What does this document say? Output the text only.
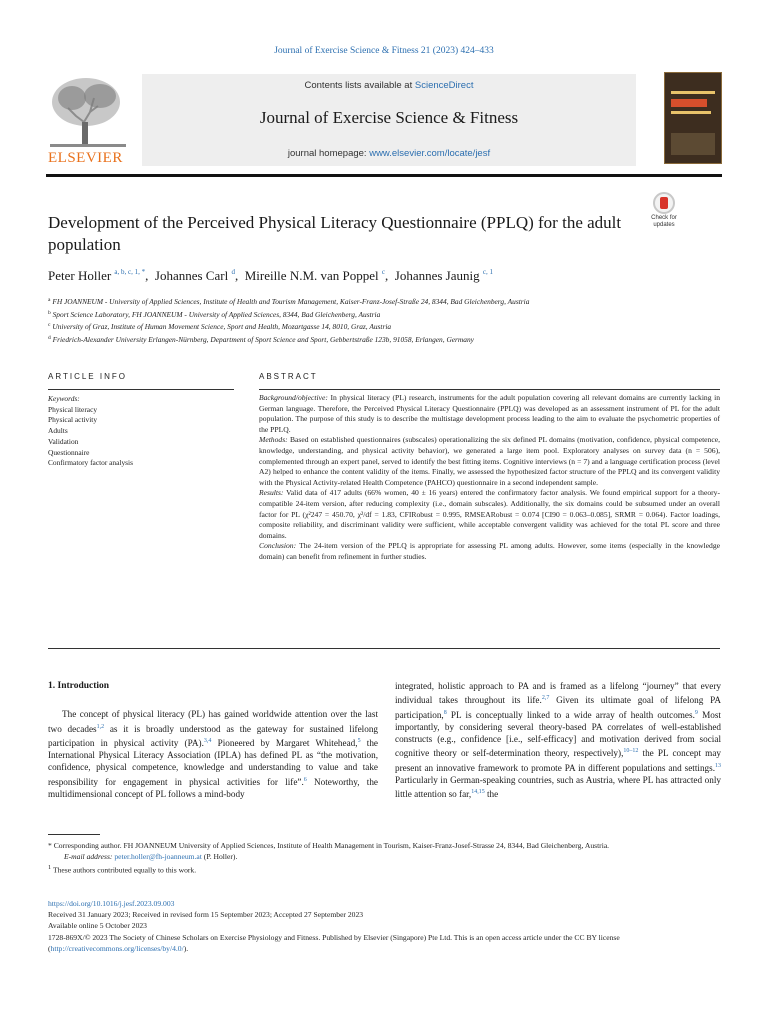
Journal of Exercise Science & Fitness 21 (2023) 424–433
ELSEVIER
Contents lists available at ScienceDirect
Journal of Exercise Science & Fitness
journal homepage: www.elsevier.com/locate/jesf
Check for updates
Development of the Perceived Physical Literacy Questionnaire (PPLQ) for the adult population
Peter Holler $^{a, b, c, 1, *}$,  Johannes Carl $^d$,  Mireille N.M. van Poppel $^c$,  Johannes Jaunig $^{c, 1}$
$^a$ FH JOANNEUM - University of Applied Sciences, Institute of Health and Tourism Management, Kaiser-Franz-Josef-Straße 24, 8344, Bad Gleichenberg, Austria
$^b$ Sport Science Laboratory, FH JOANNEUM - University of Applied Sciences, 8344, Bad Gleichenberg, Austria
$^c$ University of Graz, Institute of Human Movement Science, Sport and Health, Mozartgasse 14, 8010, Graz, Austria
$^d$ Friedrich-Alexander University Erlangen-Nürnberg, Department of Sport Science and Sport, Gebbertstraße 123b, 91058, Erlangen, Germany
ARTICLE INFO
Keywords:
Physical literacy
Physical activity
Adults
Validation
Questionnaire
Confirmatory factor analysis
ABSTRACT

Background/objective: In physical literacy (PL) research, instruments for the adult population covering all relevant domains are currently lacking in German language. Therefore, the Perceived Physical Literacy Questionnaire (PPLQ) was developed as an assessment instrument of PL for the adult population. The purpose of this study is to describe the multistage development process leading to the aim to evaluate the psychometric properties of the PPLQ.

Methods: Based on established questionnaires (subscales) operationalizing the six defined PL domains (motivation, confidence, physical competence, knowledge, understanding, and physical activity behavior), we generated a large item pool. Exploratory analyses on survey data (n = 506), complemented through an expert panel, served to identify the best fitting items. Cognitive interviews (n = 7) and a language certification process (level A2) helped to enhance the content validity of the items. Finally, we assessed the hypothesized factor structure of the PPLQ and its convergent validity with the Physical Activity-related Health Competence (PAHCO) questionnaire in a second independent sample.

Results: Valid data of 417 adults (66% women, 40 ± 16 years) entered the confirmatory factor analysis. We found empirical support for a theory-compatible 24-item version, after reducing complexity (i.e., domain subscales). Additionally, the six domains could be subsumed under an overall factor for PL (χ²247 = 450.70, χ²/df = 1.83, CFIRobust = 0.995, RMSEARobust = 0.074 [CI90 = 0.063–0.085], SRMR = 0.064). Factor loadings, composite reliability, and discriminant validity were sufficient, while acceptable convergent validity was achieved for the total PL score and three domains.

Conclusion: The 24-item version of the PPLQ is appropriate for assessing PL among adults. However, some items (especially in the knowledge domain) can benefit from refinement in further studies.

1. Introduction

The concept of physical literacy (PL) has gained worldwide attention over the last two decades$^{1,2}$ as it is broadly understood as the gateway for sustained lifelong participation in physical activity (PA).$^{3,4}$ Pioneered by Margaret Whitehead,$^5$ the International Physical Literacy Association (IPLA) has defined PL as “the motivation, confidence, physical competence, knowledge and understanding to value and take responsibility for engagement in physical activities for life”.$^6$ Noteworthy, the multidimensional concept of PL follows a mind-body

integrated, holistic approach to PA and is framed as a lifelong “journey” that every individual takes throughout its life.$^{2,7}$ Given its ultimate goal of lifelong PA participation,$^8$ PL is conceptually linked to a wide array of health outcomes.$^9$ Most importantly, by considering several theory-based PA correlates of well-established constructs (e.g., confidence [i.e., self-efficacy] and motivation derived from social cognitive theory or self-determination theory, respectively),$^{10-12}$ the PL concept may present an innovative framework to promote PA in different populations and settings.$^{13}$ Particularly in German-speaking countries, such as Austria, where PL has attracted only little attention so far,$^{14,15}$ the

* Corresponding author. FH JOANNEUM University of Applied Sciences, Institute of Health Management in Tourism, Kaiser-Franz-Josef-Strasse 24, 8344, Bad Gleichenberg, Austria.
E-mail address: peter.holler@fh-joanneum.at (P. Holler).
$^1$ These authors contributed equally to this work.
https://doi.org/10.1016/j.jesf.2023.09.003
Received 31 January 2023; Received in revised form 15 September 2023; Accepted 27 September 2023
Available online 5 October 2023
1728-869X/© 2023 The Society of Chinese Scholars on Exercise Physiology and Fitness. Published by Elsevier (Singapore) Pte Ltd. This is an open access article under the CC BY license (http://creativecommons.org/licenses/by/4.0/).
